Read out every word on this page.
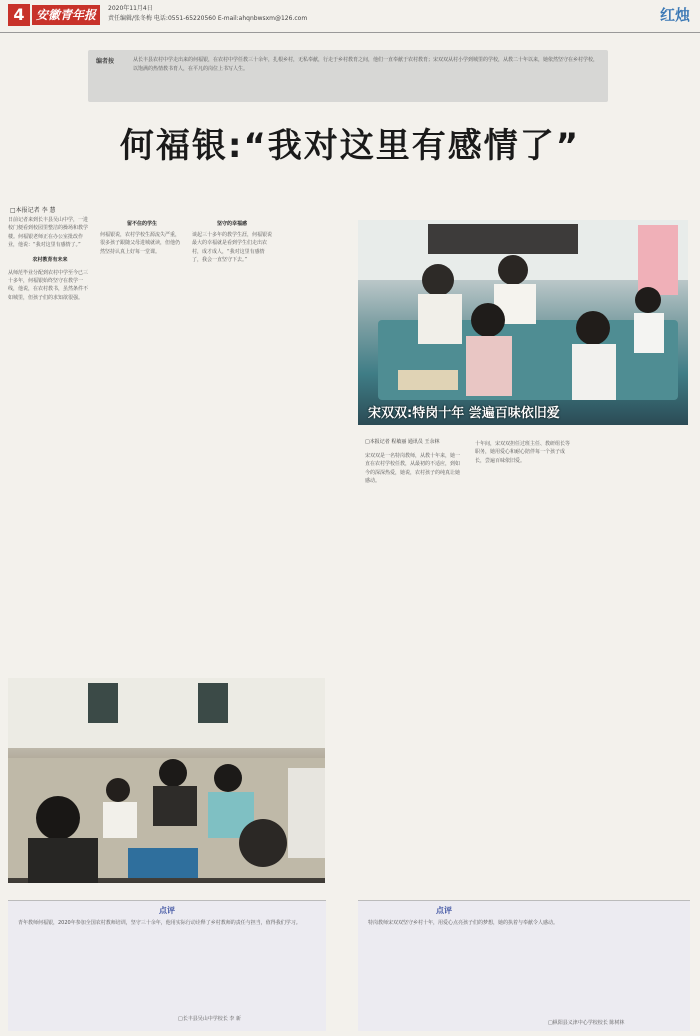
4 安徽青年报	2020年11月4日
责任编辑/张冬梅 电话:0551-65220560 E-mail:ahqnbwsxm@126.com	红烛
编者按	从长丰县农村中学走出来的何福银，在农村中学任教三十余年，扎根乡村，无私奉献，行走于乡村教育之间，他们一直奉献于农村教育；宋双双从村小学到城里的学校，从教二十年以来，她依然坚守在乡村学校，以饱满的热情教书育人，在平凡的岗位上书写人生。
何福银:“我对这里有感情了”
□本报记者 李 慧
日前记者来到长丰县吴山中学，一进校门便看到校园里整洁的操场和教学楼。何福银老师正在办公室批改作业，他说：“我对这里有感情了。”
农村教育有未来
从师范毕业分配到农村中学至今已三十多年，何福银始终坚守在教学一线，他说，在农村教书，虽然条件不如城里，但孩子们的求知欲很强。
留不住的学生
何福银说，农村学校生源流失严重，很多孩子跟随父母进城就读，但他仍然坚持认真上好每一堂课。
坚守的幸福感
谈起三十多年的教学生涯，何福银说最大的幸福就是看到学生们走出农村，成才成人，“我对这里有感情了，我会一直坚守下去。”
宋双双:特岗十年 尝遍百味依旧爱
□本报记者 程敏丽 通讯员 王余林
宋双双是一名特岗教师，从教十年来，她一直在农村学校任教，从最初的不适应，到如今的深深热爱，她说，农村孩子的纯真让她感动。
十年间，宋双双担任过班主任、教研组长等职务，她用爱心和耐心陪伴每一个孩子成长，尝遍百味依旧爱。
点评
青年教师何福银，2020年参加全国农村教师培训，坚守三十余年，他用实际行动诠释了乡村教师的责任与担当，值得我们学习。
□长丰县吴山中学校长 李 新
点评
特岗教师宋双双坚守乡村十年，用爱心点亮孩子们的梦想，她的执着与奉献令人感动。
□枞阳县义津中心学校校长 陈树林
